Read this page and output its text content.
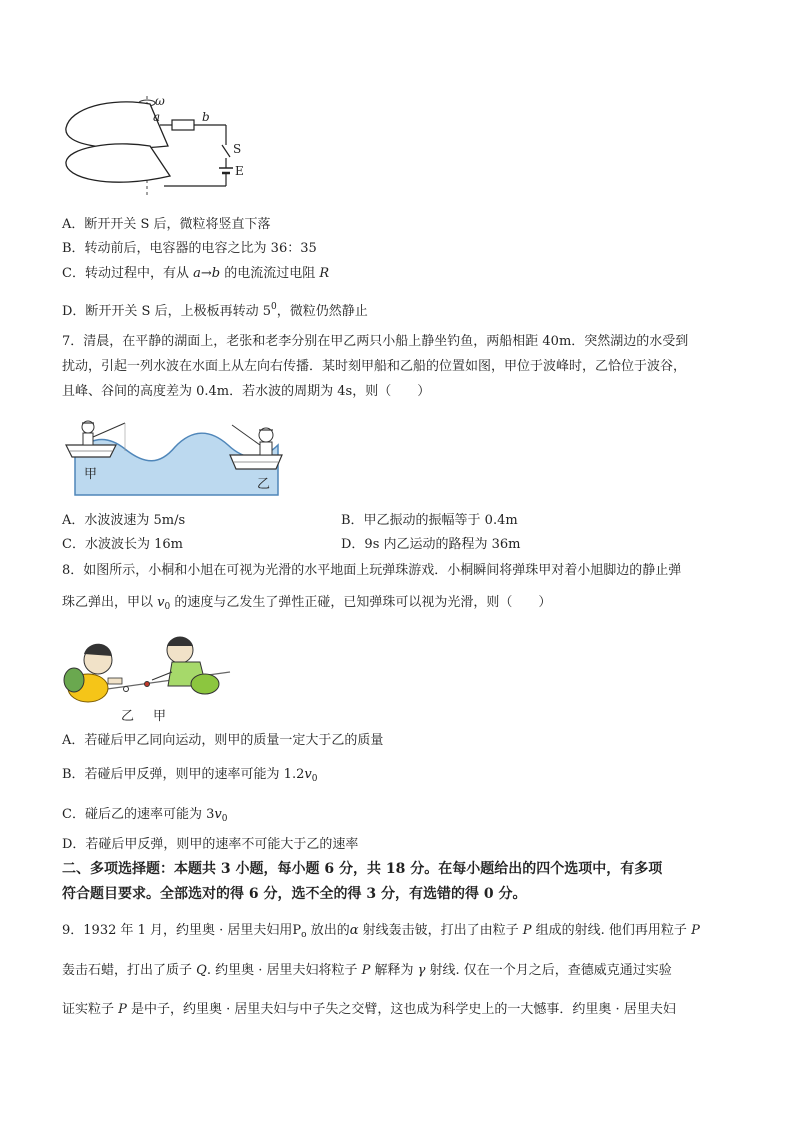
ω
a	b
S
E
A．断开开关 S 后，微粒将竖直下落
B．转动前后，电容器的电容之比为 36：35
C．转动过程中，有从 a→b 的电流流过电阻 R
D．断开开关 S 后，上极板再转动 $5^0$，微粒仍然静止
7．清晨，在平静的湖面上，老张和老李分别在甲乙两只小船上静坐钓鱼，两船相距 40m．突然湖边的水受到
扰动，引起一列水波在水面上从左向右传播．某时刻甲船和乙船的位置如图，甲位于波峰时，乙恰位于波谷，
且峰、谷间的高度差为 0.4m．若水波的周期为 4s，则（　　）
甲
乙
A．水波波速为 5m/s	B．甲乙振动的振幅等于 0.4m
C．水波波长为 16m	D．9s 内乙运动的路程为 36m
8．如图所示，小桐和小旭在可视为光滑的水平地面上玩弹珠游戏．小桐瞬间将弹珠甲对着小旭脚边的静止弹
珠乙弹出，甲以 $v_0$ 的速度与乙发生了弹性正碰，已知弹珠可以视为光滑，则（　　）
乙 甲
A．若碰后甲乙同向运动，则甲的质量一定大于乙的质量
B．若碰后甲反弹，则甲的速率可能为 $1.2v_0$
C．碰后乙的速率可能为 $3v_0$
D．若碰后甲反弹，则甲的速率不可能大于乙的速率
二、多项选择题：本题共 3 小题，每小题 6 分，共 18 分。在每小题给出的四个选项中，有多项
符合题目要求。全部选对的得 6 分，选不全的得 3 分，有选错的得 0 分。
9．1932 年 1 月，约里奥 · 居里夫妇用$P_o$ 放出的α 射线轰击铍，打出了由粒子 P 组成的射线. 他们再用粒子 P
轰击石蜡，打出了质子 Q. 约里奥 · 居里夫妇将粒子 P 解释为 γ 射线. 仅在一个月之后，查德威克通过实验
证实粒子 P 是中子，约里奥 · 居里夫妇与中子失之交臂，这也成为科学史上的一大憾事．约里奥 · 居里夫妇
